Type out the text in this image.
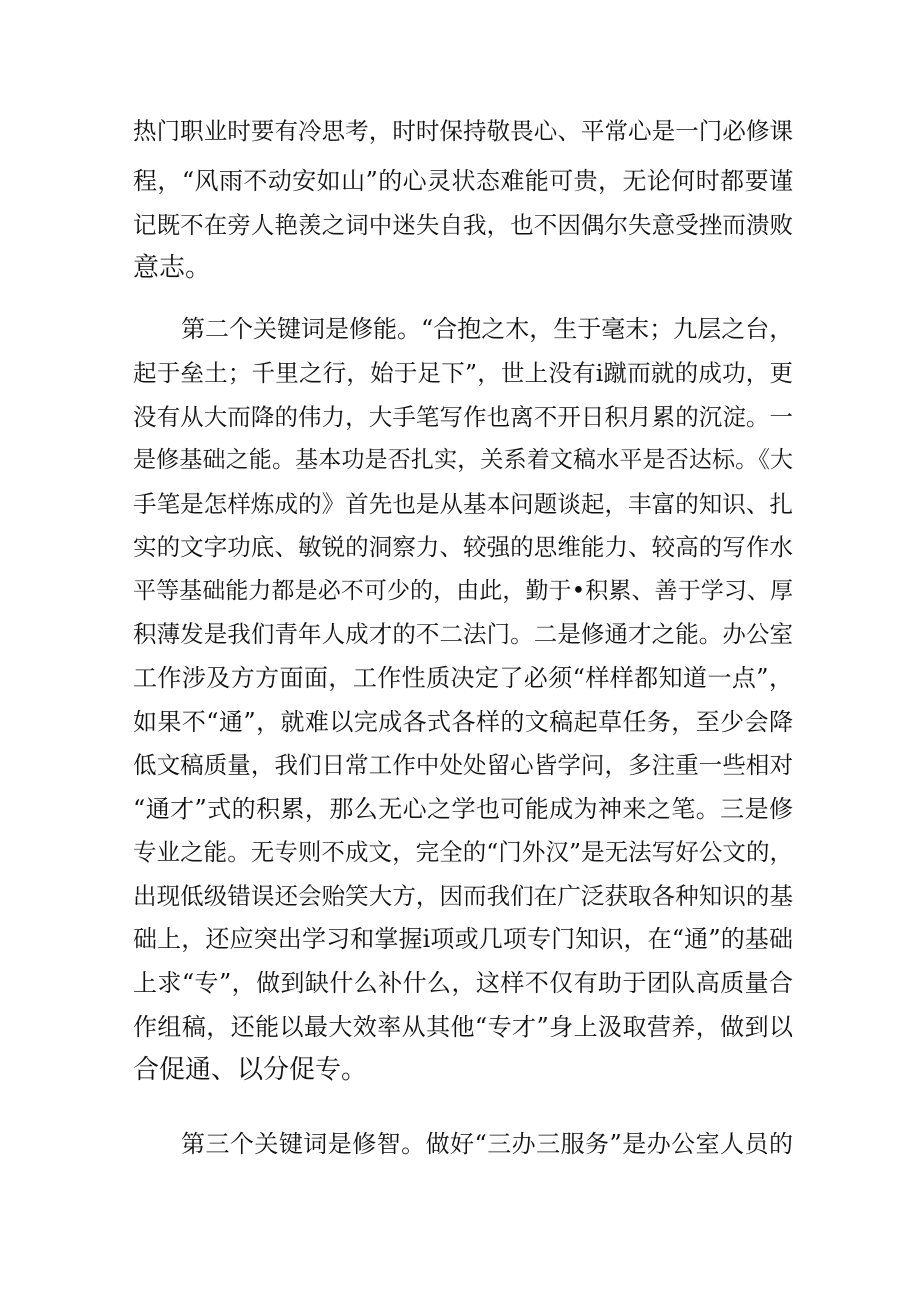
热门职业时要有冷思考，时时保持敬畏心、平常心是一门必修课
程，“风雨不动安如山”的心灵状态难能可贵，无论何时都要谨
记既不在旁人艳羡之词中迷失自我，也不因偶尔失意受挫而溃败
意志。
第二个关键词是修能。“合抱之木，生于毫末；九层之台，
起于垒土；千里之行，始于足下”，世上没有i蹴而就的成功，更
没有从大而降的伟力，大手笔写作也离不开日积月累的沉淀。一
是修基础之能。基本功是否扎实，关系着文稿水平是否达标。《大
手笔是怎样炼成的》首先也是从基本问题谈起，丰富的知识、扎
实的文字功底、敏锐的洞察力、较强的思维能力、较高的写作水
平等基础能力都是必不可少的，由此，勤于•积累、善于学习、厚
积薄发是我们青年人成才的不二法门。二是修通才之能。办公室
工作涉及方方面面，工作性质决定了必须“样样都知道一点”，
如果不“通”，就难以完成各式各样的文稿起草任务，至少会降
低文稿质量，我们日常工作中处处留心皆学问，多注重一些相对
“通才”式的积累，那么无心之学也可能成为神来之笔。三是修
专业之能。无专则不成文，完全的“门外汉”是无法写好公文的，
出现低级错误还会贻笑大方，因而我们在广泛获取各种知识的基
础上，还应突出学习和掌握i项或几项专门知识，在“通”的基础
上求“专”，做到缺什么补什么，这样不仅有助于团队高质量合
作组稿，还能以最大效率从其他“专才”身上汲取营养，做到以
合促通、以分促专。
第三个关键词是修智。做好“三办三服务”是办公室人员的
